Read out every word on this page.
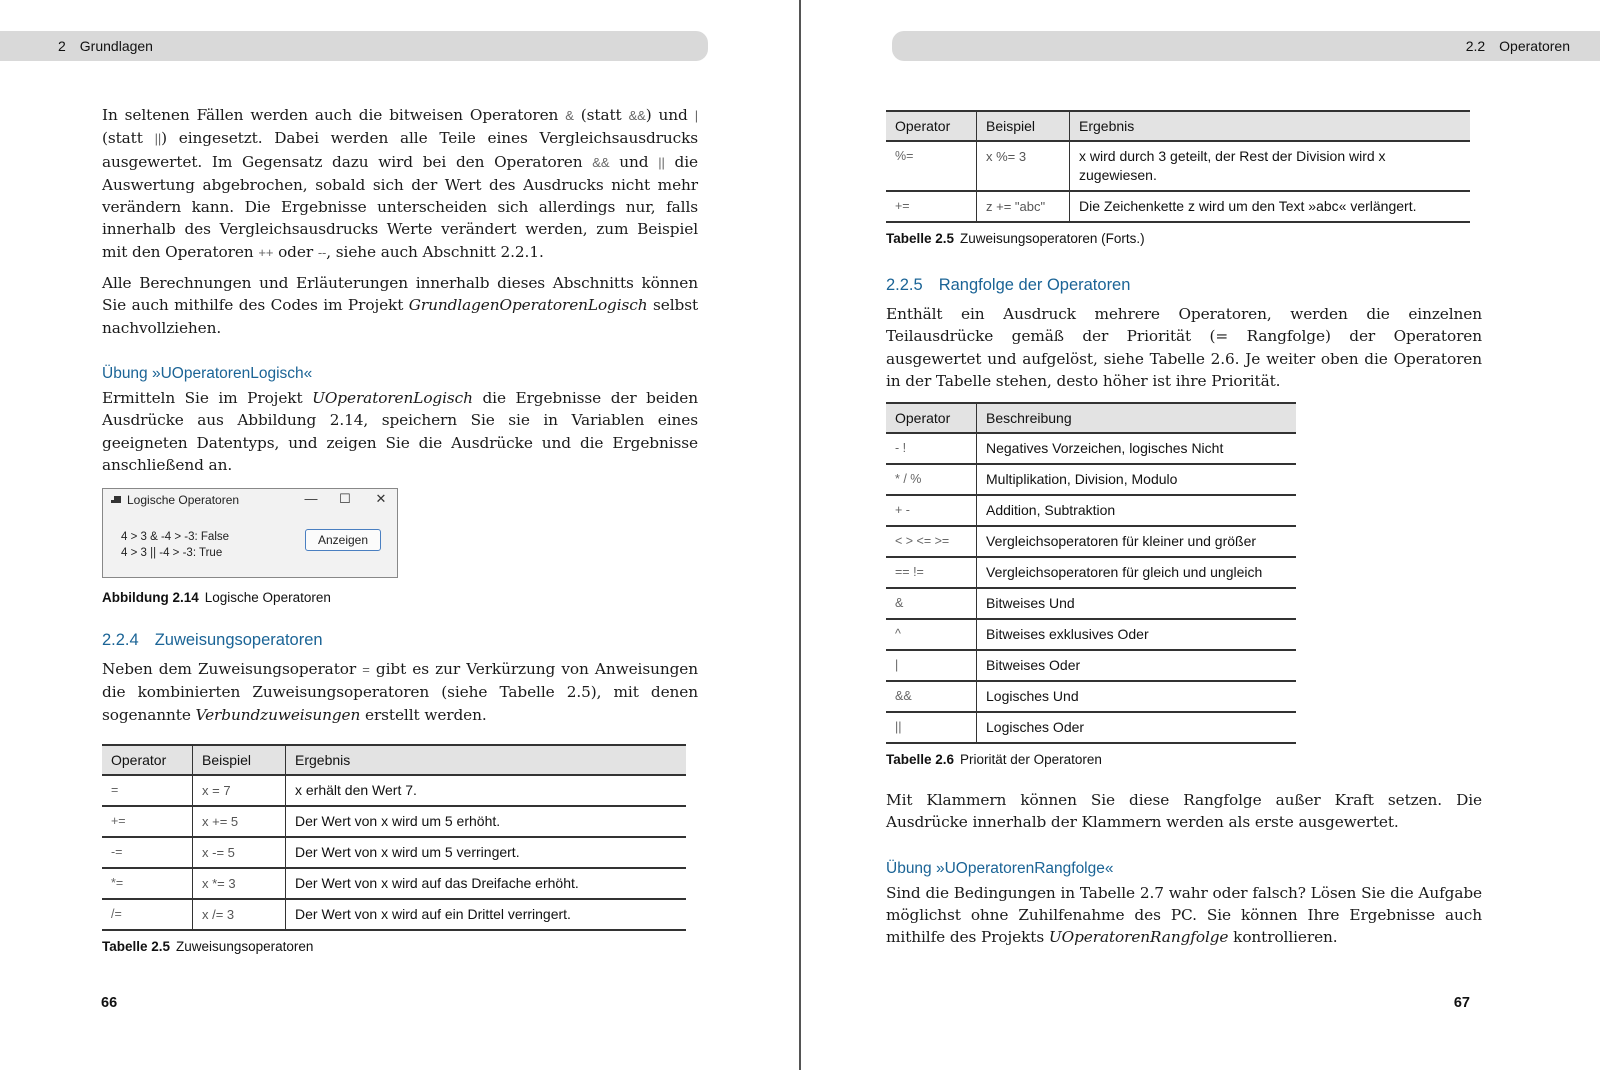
2 Grundlagen

In seltenen Fällen werden auch die bitweisen Operatoren & (statt &&) und | (statt ||) eingesetzt. Dabei werden alle Teile eines Vergleichsausdrucks ausgewertet. Im Gegensatz dazu wird bei den Operatoren && und || die Auswertung abgebrochen, sobald sich der Wert des Ausdrucks nicht mehr verändern kann. Die Ergebnisse unterscheiden sich allerdings nur, falls innerhalb des Vergleichsausdrucks Werte verändert werden, zum Beispiel mit den Operatoren ++ oder --, siehe auch Abschnitt 2.2.1.

Alle Berechnungen und Erläuterungen innerhalb dieses Abschnitts können Sie auch mithilfe des Codes im Projekt GrundlagenOperatorenLogisch selbst nachvollziehen.

Übung »UOperatorenLogisch«

Ermitteln Sie im Projekt UOperatorenLogisch die Ergebnisse der beiden Ausdrücke aus Abbildung 2.14, speichern Sie sie in Variablen eines geeigneten Datentyps, und zeigen Sie die Ausdrücke und die Ergebnisse anschließend an.

Logische Operatoren	—	☐	✕
4 > 3 & -4 > -3: False
4 > 3 || -4 > -3: True
Anzeigen
Abbildung 2.14 Logische Operatoren
2.2.4 Zuweisungsoperatoren

Neben dem Zuweisungsoperator = gibt es zur Verkürzung von Anweisungen die kombinierten Zuweisungsoperatoren (siehe Tabelle 2.5), mit denen sogenannte Verbundzuweisungen erstellt werden.

Operator	Beispiel	Ergebnis
=	x = 7	x erhält den Wert 7.
+=	x += 5	Der Wert von x wird um 5 erhöht.
-=	x -= 5	Der Wert von x wird um 5 verringert.
*=	x *= 3	Der Wert von x wird auf das Dreifache erhöht.
/=	x /= 3	Der Wert von x wird auf ein Drittel verringert.
Tabelle 2.5 Zuweisungsoperatoren
66
2.2 Operatoren
Operator	Beispiel	Ergebnis
%=	x %= 3	x wird durch 3 geteilt, der Rest der Division wird x zugewiesen.
+=	z += "abc"	Die Zeichenkette z wird um den Text »abc« verlängert.
Tabelle 2.5 Zuweisungsoperatoren (Forts.)
2.2.5 Rangfolge der Operatoren

Enthält ein Ausdruck mehrere Operatoren, werden die einzelnen Teilausdrücke gemäß der Priorität (= Rangfolge) der Operatoren ausgewertet und aufgelöst, siehe Tabelle 2.6. Je weiter oben die Operatoren in der Tabelle stehen, desto höher ist ihre Priorität.

Operator	Beschreibung
- !	Negatives Vorzeichen, logisches Nicht
* / %	Multiplikation, Division, Modulo
+ -	Addition, Subtraktion
< > <= >=	Vergleichsoperatoren für kleiner und größer
== !=	Vergleichsoperatoren für gleich und ungleich
&	Bitweises Und
^	Bitweises exklusives Oder
|	Bitweises Oder
&&	Logisches Und
||	Logisches Oder
Tabelle 2.6 Priorität der Operatoren

Mit Klammern können Sie diese Rangfolge außer Kraft setzen. Die Ausdrücke innerhalb der Klammern werden als erste ausgewertet.

Übung »UOperatorenRangfolge«

Sind die Bedingungen in Tabelle 2.7 wahr oder falsch? Lösen Sie die Aufgabe möglichst ohne Zuhilfenahme des PC. Sie können Ihre Ergebnisse auch mithilfe des Projekts UOperatorenRangfolge kontrollieren.

67
